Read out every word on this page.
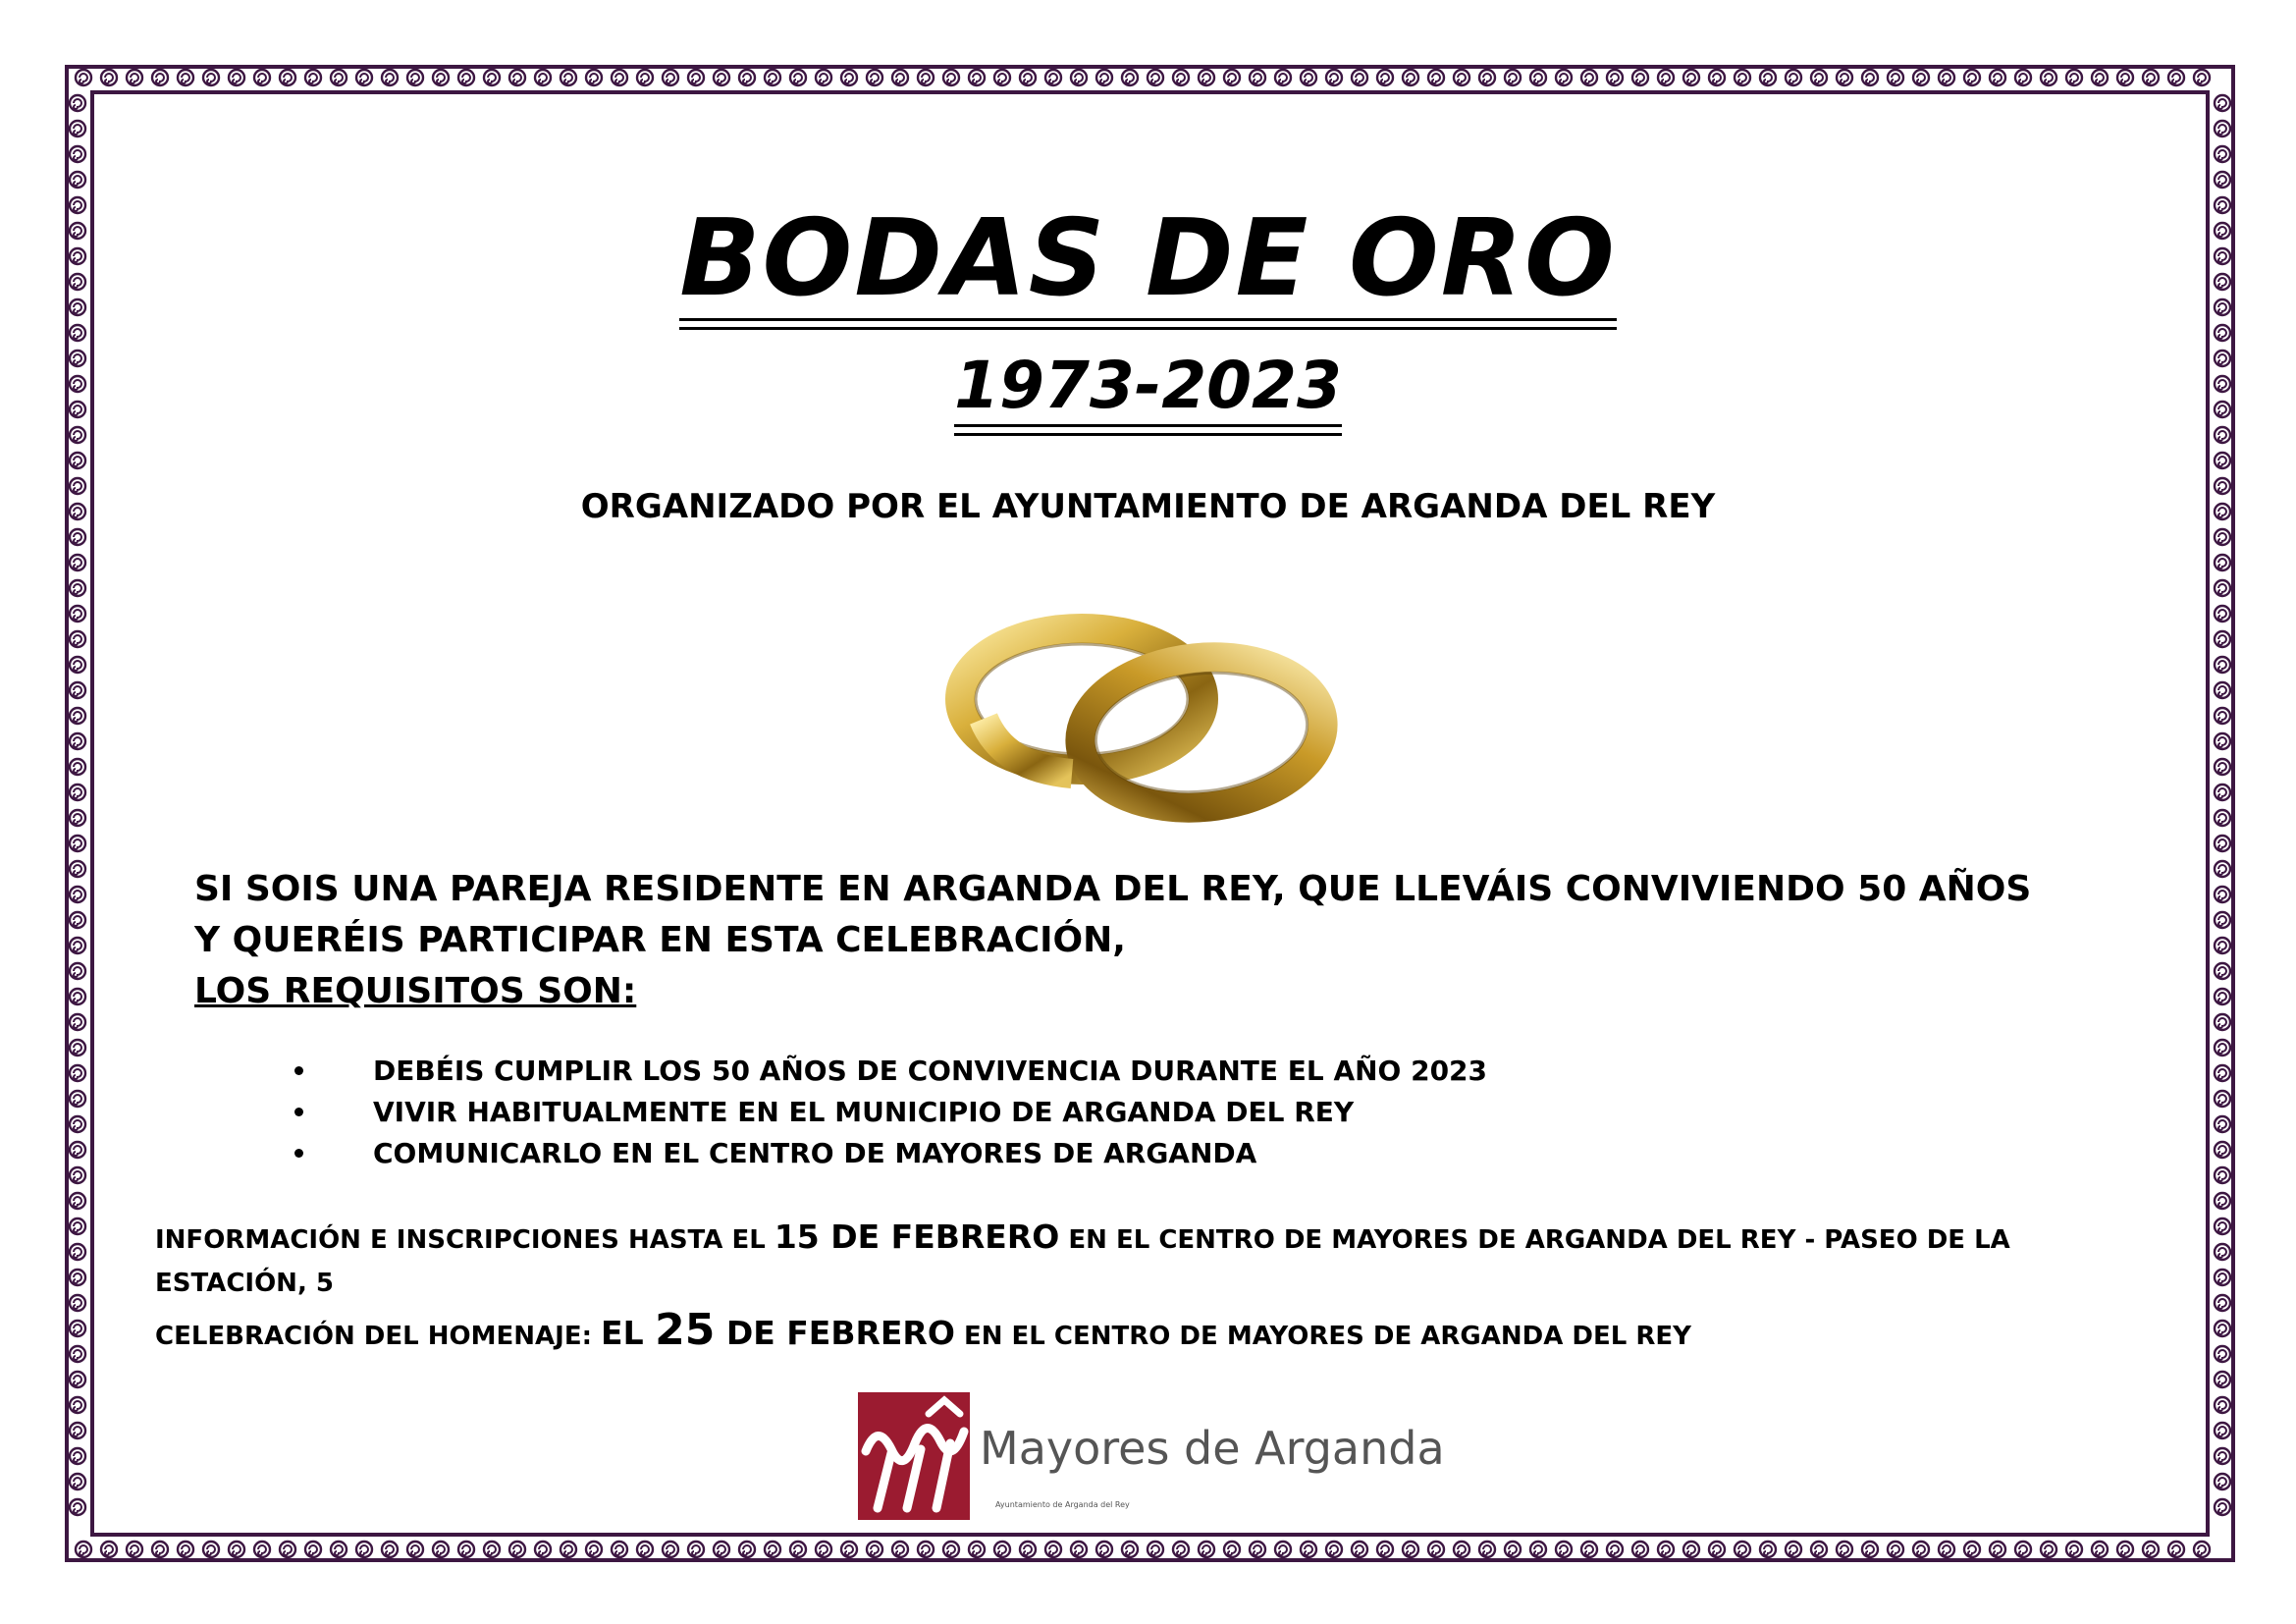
BODAS DE ORO
1973-2023
ORGANIZADO POR EL AYUNTAMIENTO DE ARGANDA DEL REY
SI SOIS UNA PAREJA RESIDENTE EN ARGANDA DEL REY, QUE LLEVÁIS CONVIVIENDO 50 AÑOS
Y QUERÉIS PARTICIPAR EN ESTA CELEBRACIÓN,
LOS REQUISITOS SON:
DEBÉIS CUMPLIR LOS 50 AÑOS DE CONVIVENCIA DURANTE EL AÑO 2023
VIVIR HABITUALMENTE EN EL MUNICIPIO DE ARGANDA DEL REY
COMUNICARLO EN EL CENTRO DE MAYORES DE ARGANDA
INFORMACIÓN E INSCRIPCIONES HASTA EL 15 DE FEBRERO EN EL CENTRO DE MAYORES DE ARGANDA DEL REY - PASEO DE LA ESTACIÓN, 5
CELEBRACIÓN DEL HOMENAJE: EL 25 DE FEBRERO EN EL CENTRO DE MAYORES DE ARGANDA DEL REY
Mayores de Arganda
Ayuntamiento de Arganda del Rey
